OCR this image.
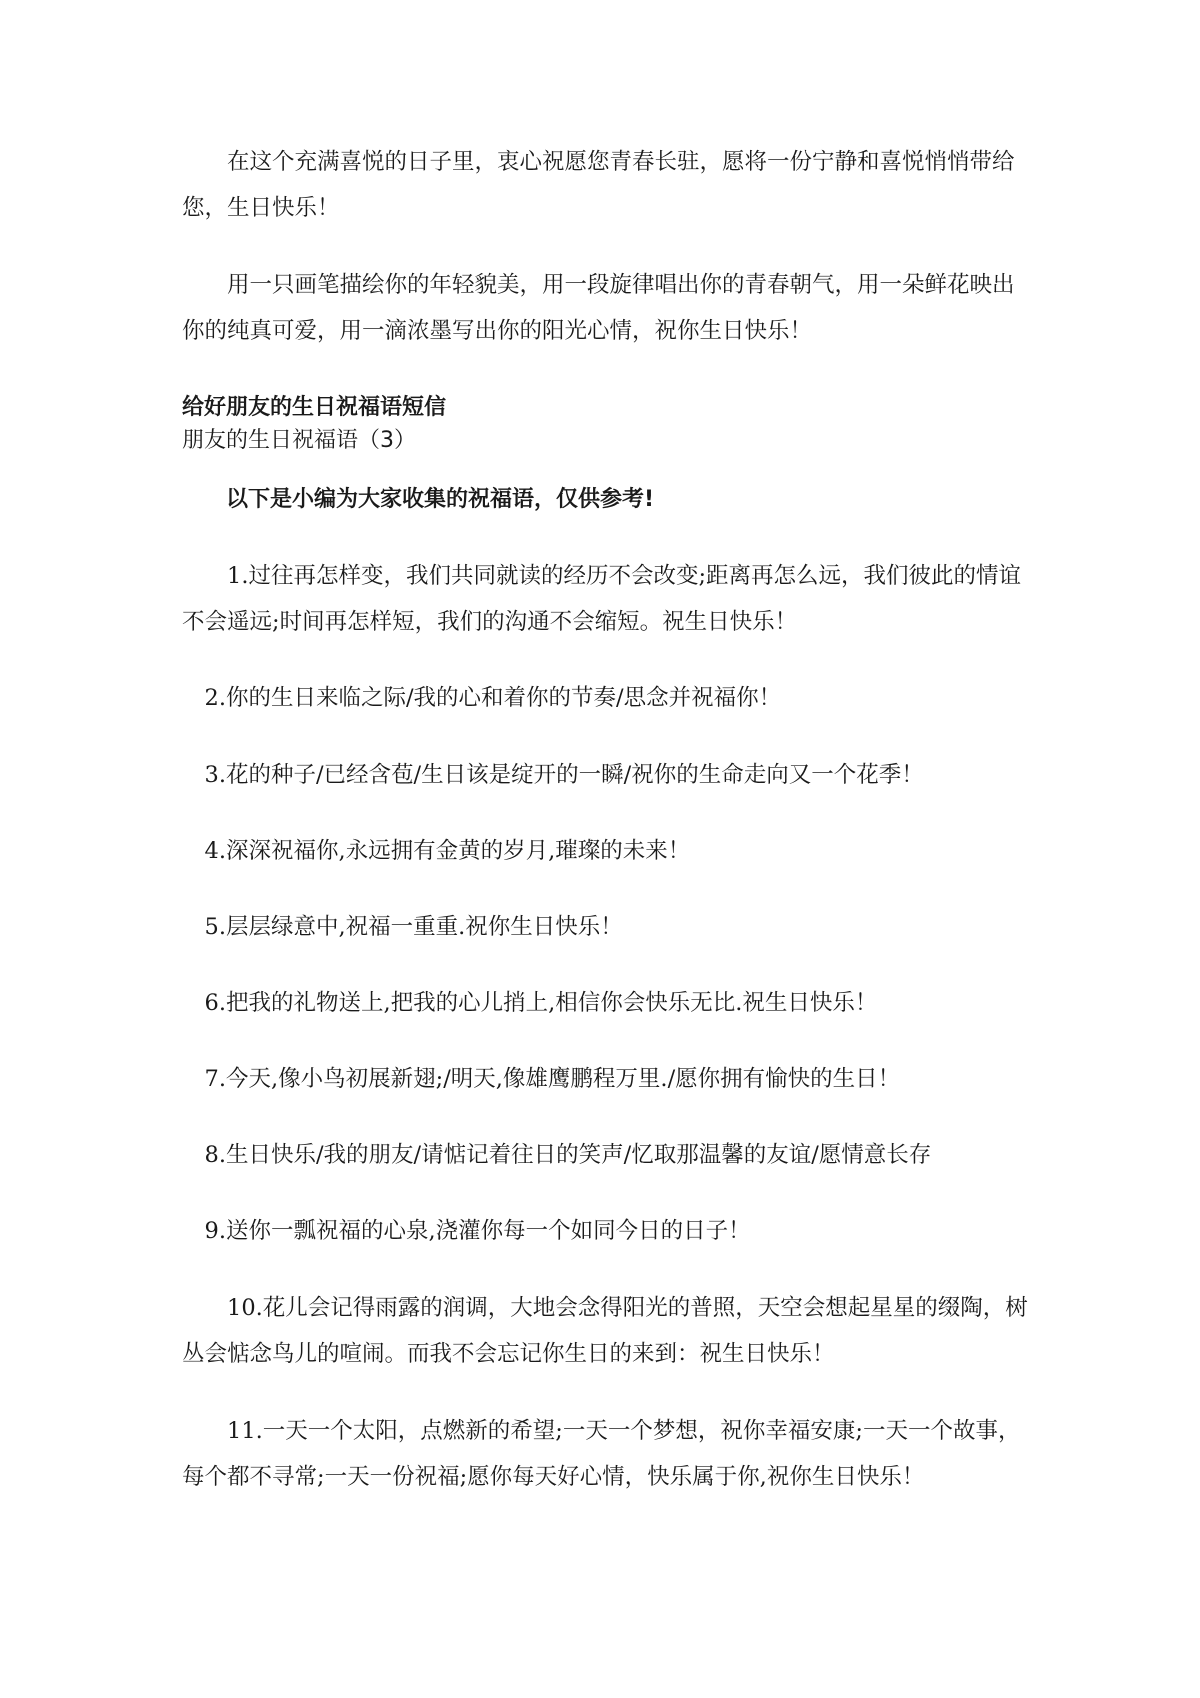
在这个充满喜悦的日子里，衷心祝愿您青春长驻，愿将一份宁静和喜悦悄悄带给您，生日快乐！

用一只画笔描绘你的年轻貌美，用一段旋律唱出你的青春朝气，用一朵鲜花映出你的纯真可爱，用一滴浓墨写出你的阳光心情，祝你生日快乐！

给好朋友的生日祝福语短信

朋友的生日祝福语（3）

以下是小编为大家收集的祝福语，仅供参考!

1.过往再怎样变，我们共同就读的经历不会改变;距离再怎么远，我们彼此的情谊不会遥远;时间再怎样短，我们的沟通不会缩短。祝生日快乐！

2.你的生日来临之际/我的心和着你的节奏/思念并祝福你！

3.花的种子/已经含苞/生日该是绽开的一瞬/祝你的生命走向又一个花季！

4.深深祝福你,永远拥有金黄的岁月,璀璨的未来！

5.层层绿意中,祝福一重重.祝你生日快乐！

6.把我的礼物送上,把我的心儿捎上,相信你会快乐无比.祝生日快乐！

7.今天,像小鸟初展新翅;/明天,像雄鹰鹏程万里./愿你拥有愉快的生日！

8.生日快乐/我的朋友/请惦记着往日的笑声/忆取那温馨的友谊/愿情意长存

9.送你一瓢祝福的心泉,浇灌你每一个如同今日的日子！

10.花儿会记得雨露的润调，大地会念得阳光的普照，天空会想起星星的缀陶，树丛会惦念鸟儿的喧闹。而我不会忘记你生日的来到：祝生日快乐！

11.一天一个太阳，点燃新的希望;一天一个梦想，祝你幸福安康;一天一个故事，每个都不寻常;一天一份祝福;愿你每天好心情，快乐属于你,祝你生日快乐！
